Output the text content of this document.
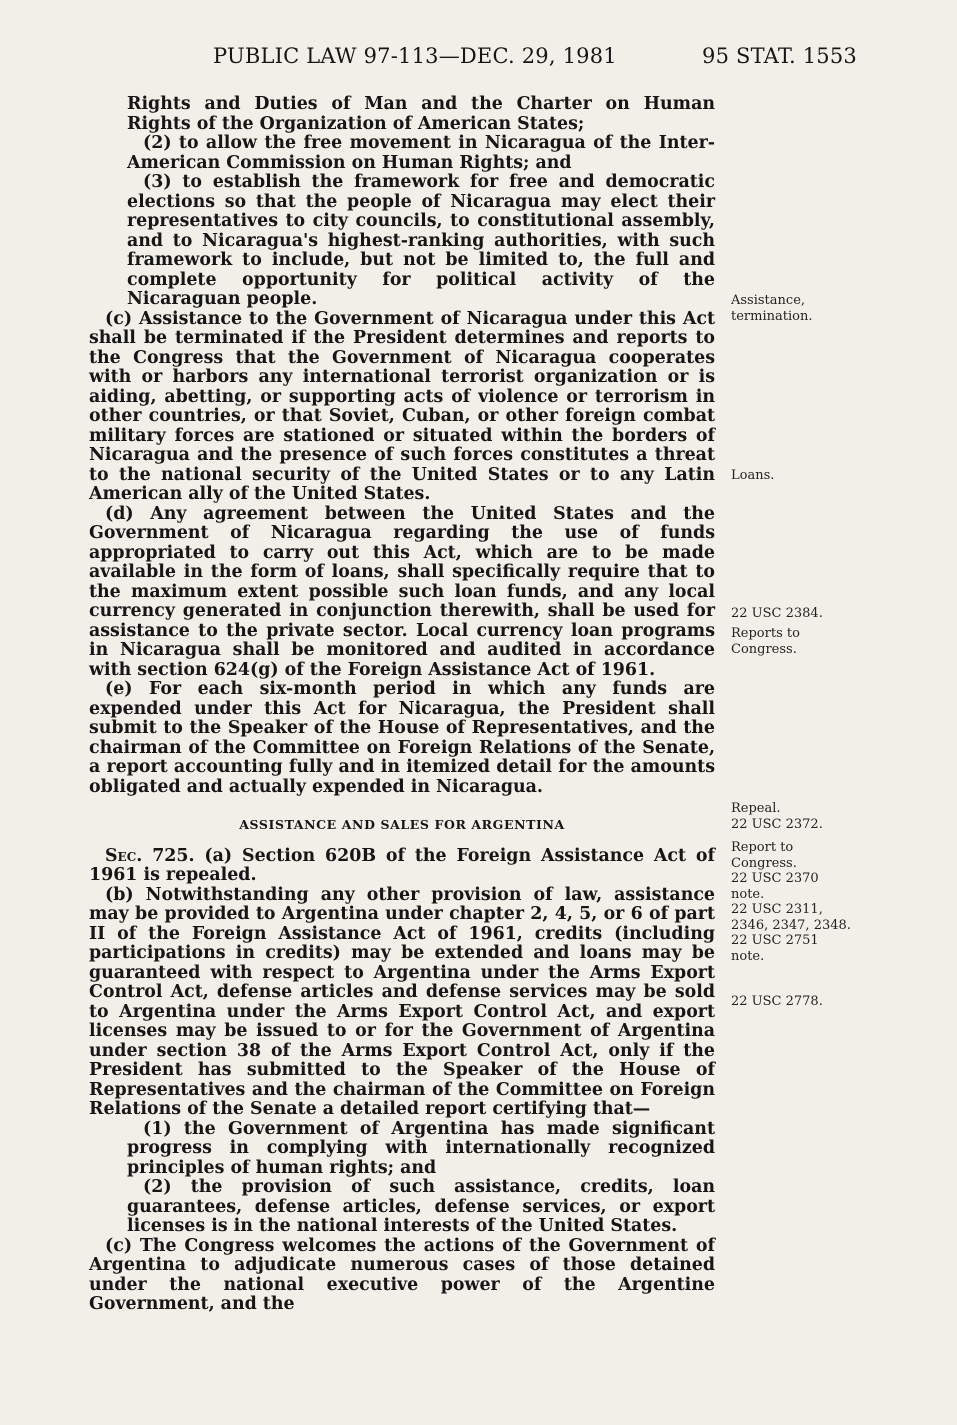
PUBLIC LAW 97-113—DEC. 29, 1981	95 STAT. 1553

Rights and Duties of Man and the Charter on Human Rights of the Organization of American States;

(2) to allow the free movement in Nicaragua of the Inter-American Commission on Human Rights; and

(3) to establish the framework for free and democratic elections so that the people of Nicaragua may elect their representatives to city councils, to constitutional assembly, and to Nicaragua's highest-ranking authorities, with such framework to include, but not be limited to, the full and complete opportunity for political activity of the Nicaraguan people.

(c) Assistance to the Government of Nicaragua under this Act shall be terminated if the President determines and reports to the Congress that the Government of Nicaragua cooperates with or harbors any international terrorist organization or is aiding, abetting, or supporting acts of violence or terrorism in other countries, or that Soviet, Cuban, or other foreign combat military forces are stationed or situated within the borders of Nicaragua and the presence of such forces constitutes a threat to the national security of the United States or to any Latin American ally of the United States.

(d) Any agreement between the United States and the Government of Nicaragua regarding the use of funds appropriated to carry out this Act, which are to be made available in the form of loans, shall specifically require that to the maximum extent possible such loan funds, and any local currency generated in conjunction therewith, shall be used for assistance to the private sector. Local currency loan programs in Nicaragua shall be monitored and audited in accordance with section 624(g) of the Foreign Assistance Act of 1961.

(e) For each six-month period in which any funds are expended under this Act for Nicaragua, the President shall submit to the Speaker of the House of Representatives, and the chairman of the Committee on Foreign Relations of the Senate, a report accounting fully and in itemized detail for the amounts obligated and actually expended in Nicaragua.

ASSISTANCE AND SALES FOR ARGENTINA

Sec. 725. (a) Section 620B of the Foreign Assistance Act of 1961 is repealed.

(b) Notwithstanding any other provision of law, assistance may be provided to Argentina under chapter 2, 4, 5, or 6 of part II of the Foreign Assistance Act of 1961, credits (including participations in credits) may be extended and loans may be guaranteed with respect to Argentina under the Arms Export Control Act, defense articles and defense services may be sold to Argentina under the Arms Export Control Act, and export licenses may be issued to or for the Government of Argentina under section 38 of the Arms Export Control Act, only if the President has submitted to the Speaker of the House of Representatives and the chairman of the Committee on Foreign Relations of the Senate a detailed report certifying that—

(1) the Government of Argentina has made significant progress in complying with internationally recognized principles of human rights; and

(2) the provision of such assistance, credits, loan guarantees, defense articles, defense services, or export licenses is in the national interests of the United States.

(c) The Congress welcomes the actions of the Government of Argentina to adjudicate numerous cases of those detained under the national executive power of the Argentine Government, and the

Assistance,
termination.
Loans.
22 USC 2384.
Reports to
Congress.
Repeal.
22 USC 2372.
Report to
Congress.
22 USC 2370
note.
22 USC 2311,
2346, 2347, 2348.
22 USC 2751
note.
22 USC 2778.
